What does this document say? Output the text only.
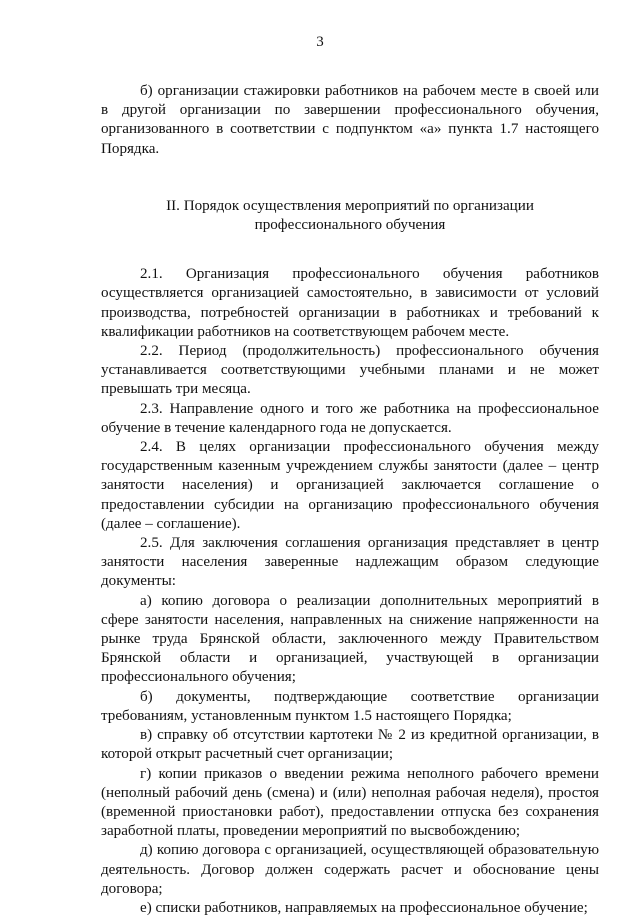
3

б) организации стажировки работников на рабочем месте в своей или в другой организации по завершении профессионального обучения, организованного в соответствии с подпунктом «а» пункта 1.7 настоящего Порядка.

II. Порядок осуществления мероприятий по организации
профессионального обучения

2.1. Организация профессионального обучения работников осуществляется организацией самостоятельно, в зависимости от условий производства, потребностей организации в работниках и требований к квалификации работников на соответствующем рабочем месте.

2.2. Период (продолжительность) профессионального обучения устанавливается соответствующими учебными планами и не может превышать три месяца.

2.3. Направление одного и того же работника на профессиональное обучение в течение календарного года не допускается.

2.4. В целях организации профессионального обучения между государственным казенным учреждением службы занятости (далее – центр занятости населения) и организацией заключается соглашение о предоставлении субсидии на организацию профессионального обучения (далее – соглашение).

2.5. Для заключения соглашения организация представляет в центр занятости населения заверенные надлежащим образом следующие документы:

а) копию договора о реализации дополнительных мероприятий в сфере занятости населения, направленных на снижение напряженности на рынке труда Брянской области, заключенного между Правительством Брянской области и организацией, участвующей в организации профессионального обучения;

б) документы, подтверждающие соответствие организации требованиям, установленным пунктом 1.5 настоящего Порядка;

в) справку об отсутствии картотеки № 2 из кредитной организации, в которой открыт расчетный счет организации;

г) копии приказов о введении режима неполного рабочего времени (неполный рабочий день (смена) и (или) неполная рабочая неделя), простоя (временной приостановки работ), предоставлении отпуска без сохранения заработной платы, проведении мероприятий по высвобождению;

д) копию договора с организацией, осуществляющей образовательную деятельность. Договор должен содержать расчет и обоснование цены договора;

е) списки работников, направляемых на профессиональное обучение;
